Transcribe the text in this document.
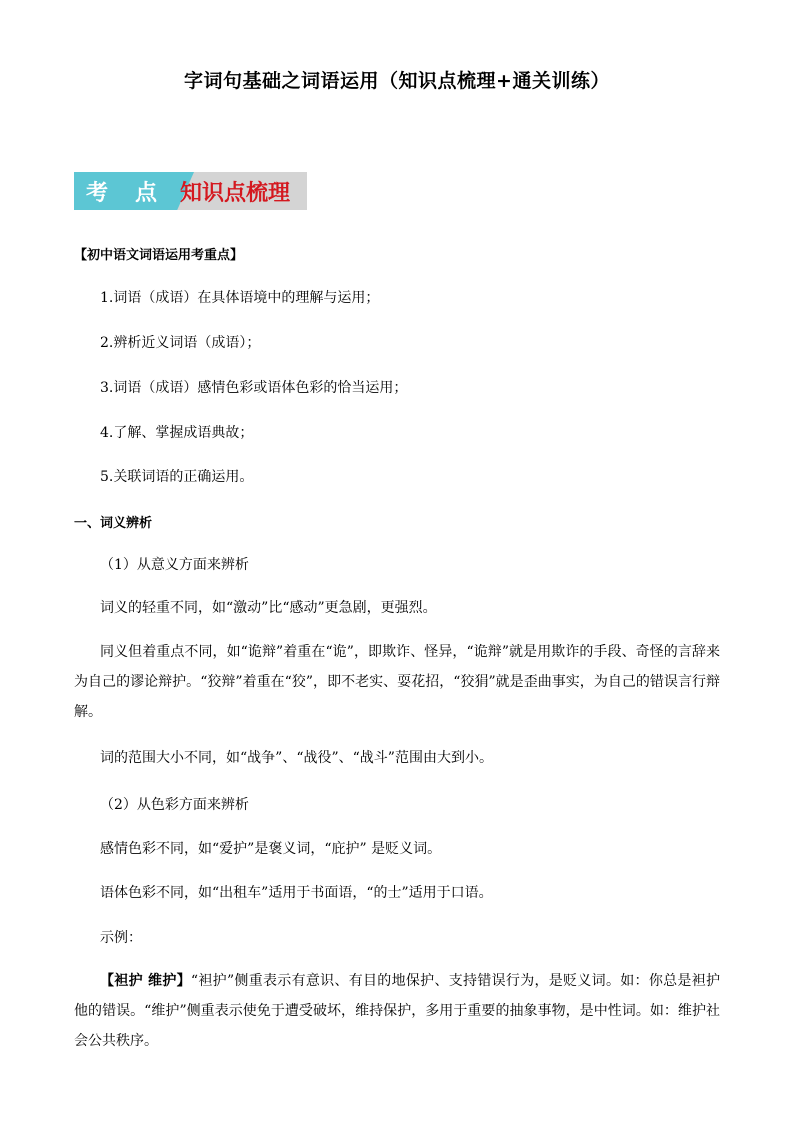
字词句基础之词语运用（知识点梳理+通关训练）
考 点 知识点梳理
【初中语文词语运用考重点】
1.词语（成语）在具体语境中的理解与运用；
2.辨析近义词语（成语）；
3.词语（成语）感情色彩或语体色彩的恰当运用；
4.了解、掌握成语典故；
5.关联词语的正确运用。
一、词义辨析
（1）从意义方面来辨析
词义的轻重不同，如“激动”比“感动”更急剧，更强烈。
同义但着重点不同，如“诡辩”着重在“诡”，即欺诈、怪异，“诡辩”就是用欺诈的手段、奇怪的言辞来为自己的谬论辩护。“狡辩”着重在“狡”，即不老实、耍花招，“狡狷”就是歪曲事实，为自己的错误言行辩解。
词的范围大小不同，如“战争”、“战役”、“战斗”范围由大到小。
（2）从色彩方面来辨析
感情色彩不同，如“爱护”是褒义词，“庇护” 是贬义词。
语体色彩不同，如“出租车”适用于书面语，“的士”适用于口语。
示例：
【袒护 维护】“袒护”侧重表示有意识、有目的地保护、支持错误行为，是贬义词。如：你总是袒护他的错误。“维护”侧重表示使免于遭受破坏，维持保护，多用于重要的抽象事物，是中性词。如：维护社会公共秩序。
